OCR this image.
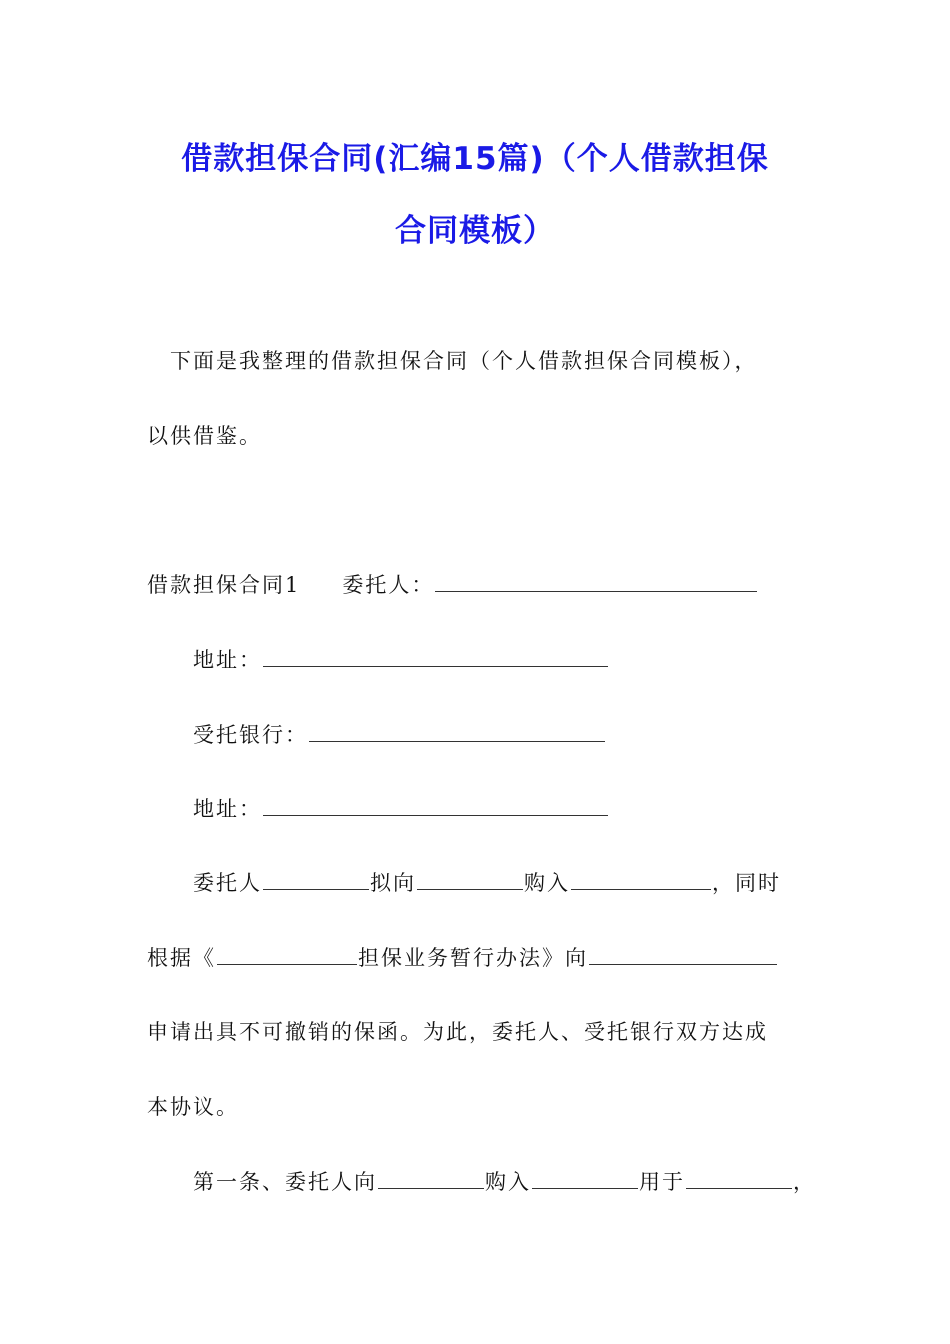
借款担保合同(汇编15篇)（个人借款担保
合同模板）
下面是我整理的借款担保合同（个人借款担保合同模板），
以供借鉴。
借款担保合同1 委托人：
地址：
受托银行：
地址：
委托人	拟向	购入	，同时
根据《	担保业务暂行办法》向
申请出具不可撤销的保函。为此，委托人、受托银行双方达成
本协议。
第一条、委托人向	购入	用于	，
